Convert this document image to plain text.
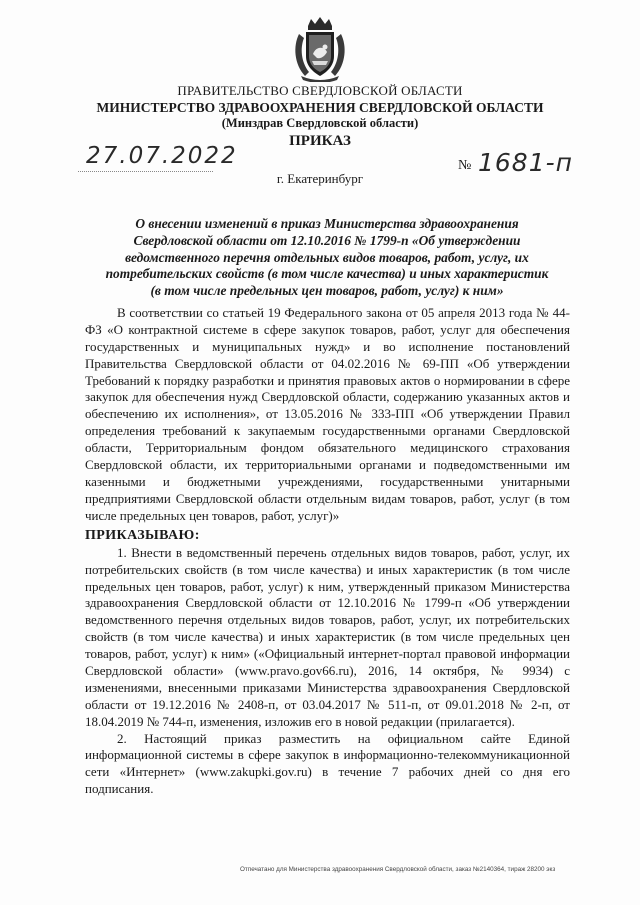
ПРАВИТЕЛЬСТВО СВЕРДЛОВСКОЙ ОБЛАСТИ
МИНИСТЕРСТВО ЗДРАВООХРАНЕНИЯ СВЕРДЛОВСКОЙ ОБЛАСТИ
(Минздрав Свердловской области)
ПРИКАЗ
27.07.2022
г. Екатеринбург
№ 1681-п
О внесении изменений в приказ Министерства здравоохранения Свердловской области от 12.10.2016 № 1799-п «Об утверждении ведомственного перечня отдельных видов товаров, работ, услуг, их потребительских свойств (в том числе качества) и иных характеристик (в том числе предельных цен товаров, работ, услуг) к ним»

В соответствии со статьей 19 Федерального закона от 05 апреля 2013 года № 44-ФЗ «О контрактной системе в сфере закупок товаров, работ, услуг для обеспечения государственных и муниципальных нужд» и во исполнение постановлений Правительства Свердловской области от 04.02.2016 № 69-ПП «Об утверждении Требований к порядку разработки и принятия правовых актов о нормировании в сфере закупок для обеспечения нужд Свердловской области, содержанию указанных актов и обеспечению их исполнения», от 13.05.2016 № 333-ПП «Об утверждении Правил определения требований к закупаемым государственными органами Свердловской области, Территориальным фондом обязательного медицинского страхования Свердловской области, их территориальными органами и подведомственными им казенными и бюджетными учреждениями, государственными унитарными предприятиями Свердловской области отдельным видам товаров, работ, услуг (в том числе предельных цен товаров, работ, услуг)»

ПРИКАЗЫВАЮ:

1. Внести в ведомственный перечень отдельных видов товаров, работ, услуг, их потребительских свойств (в том числе качества) и иных характеристик (в том числе предельных цен товаров, работ, услуг) к ним, утвержденный приказом Министерства здравоохранения Свердловской области от 12.10.2016 № 1799-п «Об утверждении ведомственного перечня отдельных видов товаров, работ, услуг, их потребительских свойств (в том числе качества) и иных характеристик (в том числе предельных цен товаров, работ, услуг) к ним» («Официальный интернет-портал правовой информации Свердловской области» (www.pravo.gov66.ru), 2016, 14 октября, № 9934) с изменениями, внесенными приказами Министерства здравоохранения Свердловской области от 19.12.2016 № 2408-п, от 03.04.2017 № 511-п, от 09.01.2018 № 2-п, от 18.04.2019 № 744-п, изменения, изложив его в новой редакции (прилагается).

2. Настоящий приказ разместить на официальном сайте Единой информационной системы в сфере закупок в информационно-телекоммуникационной сети «Интернет» (www.zakupki.gov.ru) в течение 7 рабочих дней со дня его подписания.

Отпечатано для Министерства здравоохранения Свердловской области, заказ №2140364, тираж 28200 экз
